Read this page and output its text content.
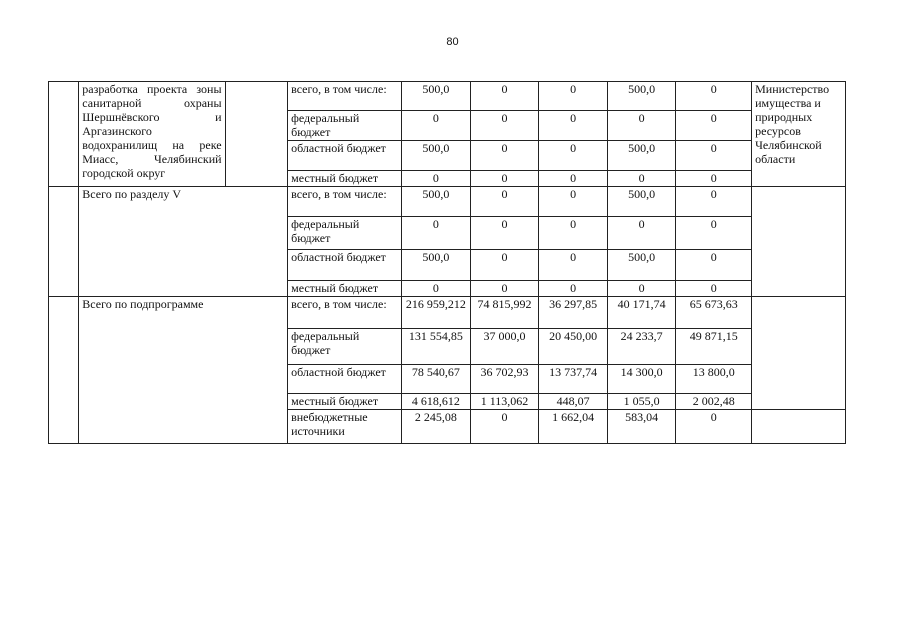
80
	разработка проекта зоны санитарной охраны Шершнёвского и Аргазинского водохранилищ на реке Миасс, Челябинский городской округ		всего, в том числе:	500,0	0	0	500,0	0	Министерство имущества и природных ресурсов Челябинской области
			федеральный бюджет	0	0	0	0	0	
			областной бюджет	500,0	0	0	500,0	0	
			местный бюджет	0	0	0	0	0	
	Всего по разделу V		всего, в том числе:	500,0	0	0	500,0	0	
			федеральный бюджет	0	0	0	0	0	
			областной бюджет	500,0	0	0	500,0	0	
			местный бюджет	0	0	0	0	0	
	Всего по подпрограмме		всего, в том числе:	216 959,212	74 815,992	36 297,85	40 171,74	65 673,63	
			федеральный бюджет	131 554,85	37 000,0	20 450,00	24 233,7	49 871,15	
			областной бюджет	78 540,67	36 702,93	13 737,74	14 300,0	13 800,0	
			местный бюджет	4 618,612	1 113,062	448,07	1 055,0	2 002,48	
			внебюджетные источники	2 245,08	0	1 662,04	583,04	0	
